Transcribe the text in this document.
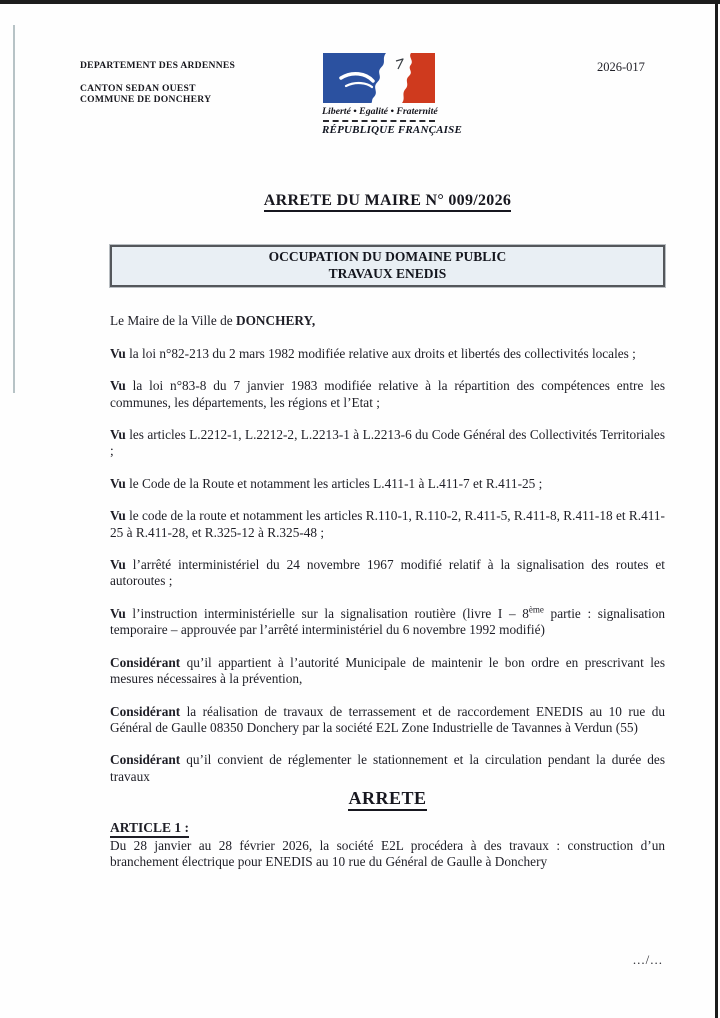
DEPARTEMENT DES ARDENNES
CANTON SEDAN OUEST
COMMUNE DE DONCHERY
Liberté • Egalité • Fraternité
RÉPUBLIQUE FRANÇAISE
2026-017
ARRETE DU MAIRE N° 009/2026
OCCUPATION DU DOMAINE PUBLIC
TRAVAUX ENEDIS

Le Maire de la Ville de DONCHERY,

Vu la loi n°82-213 du 2 mars 1982 modifiée relative aux droits et libertés des collectivités locales ;

Vu la loi n°83-8 du 7 janvier 1983 modifiée relative à la répartition des compétences entre les communes, les départements, les régions et l’Etat ;

Vu les articles L.2212-1, L.2212-2, L.2213-1 à L.2213-6 du Code Général des Collectivités Territoriales ;

Vu le Code de la Route et notamment les articles L.411-1 à L.411-7 et R.411-25 ;

Vu le code de la route et notamment les articles R.110-1, R.110-2, R.411-5, R.411-8, R.411-18 et R.411-25 à R.411-28, et R.325-12 à R.325-48 ;

Vu l’arrêté interministériel du 24 novembre 1967 modifié relatif à la signalisation des routes et autoroutes ;

Vu l’instruction interministérielle sur la signalisation routière (livre I – 8ème partie : signalisation temporaire – approuvée par l’arrêté interministériel du 6 novembre 1992 modifié)

Considérant qu’il appartient à l’autorité Municipale de maintenir le bon ordre en prescrivant les mesures nécessaires à la prévention,

Considérant la réalisation de travaux de terrassement et de raccordement ENEDIS au 10 rue du Général de Gaulle 08350 Donchery par la société E2L Zone Industrielle de Tavannes à Verdun (55)

Considérant qu’il convient de réglementer le stationnement et la circulation pendant la durée des travaux

ARRETE
ARTICLE 1 :

Du 28 janvier au 28 février 2026, la société E2L procédera à des travaux : construction d’un branchement électrique pour ENEDIS au 10 rue du Général de Gaulle à Donchery

.../...
